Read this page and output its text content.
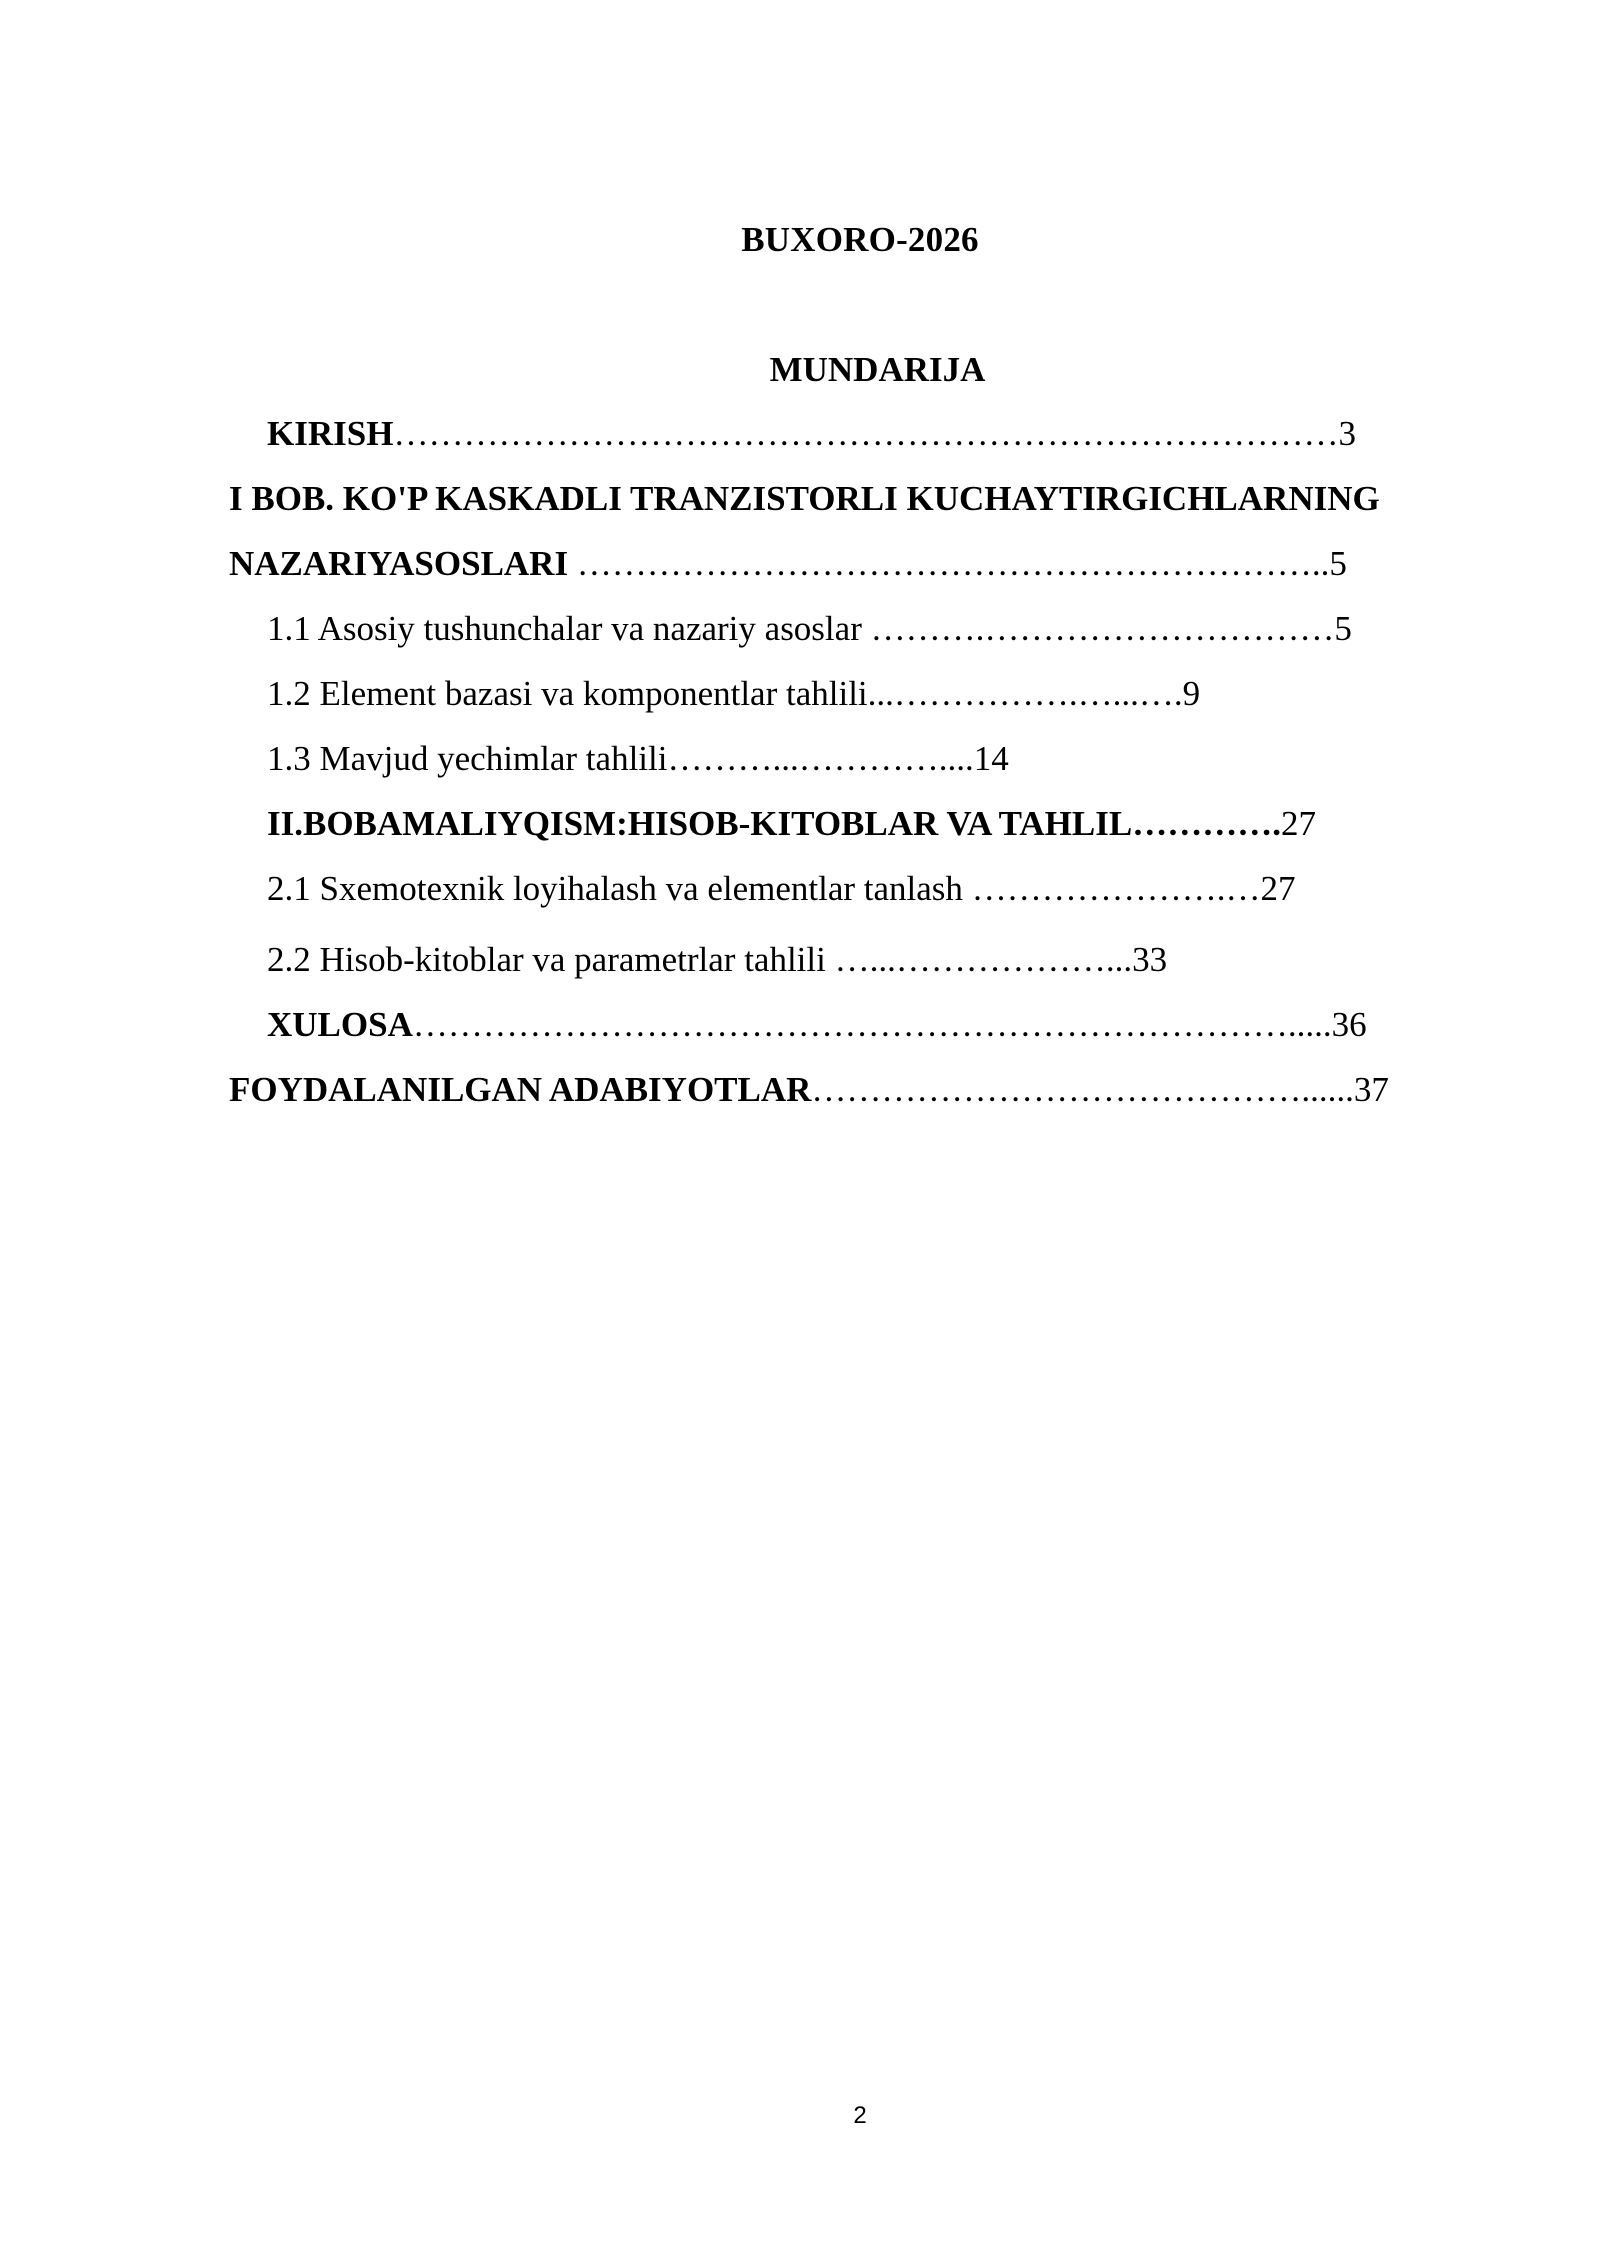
BUXORO-2026
MUNDARIJA
KIRISH………………………………………………………………………3
I BOB. KO'P KASKADLI TRANZISTORLI KUCHAYTIRGICHLARNING
NAZARIYASOSLARI ………………………………………………………..5
1.1 Asosiy tushunchalar va nazariy asoslar ……….…………………………5
1.2 Element bazasi va komponentlar tahlili...…………….…...….9
1.3 Mavjud yechimlar tahlili………...…………....14
II.BOBAMALIYQISM:HISOB-KITOBLAR VA TAHLIL………….27
2.1 Sxemotexnik loyihalash va elementlar tanlash ………………….…27
2.2 Hisob-kitoblar va parametrlar tahlili …...………………...33
XULOSA………………………………………………………………….....36
FOYDALANILGAN ADABIYOTLAR……………………………………......37
2
